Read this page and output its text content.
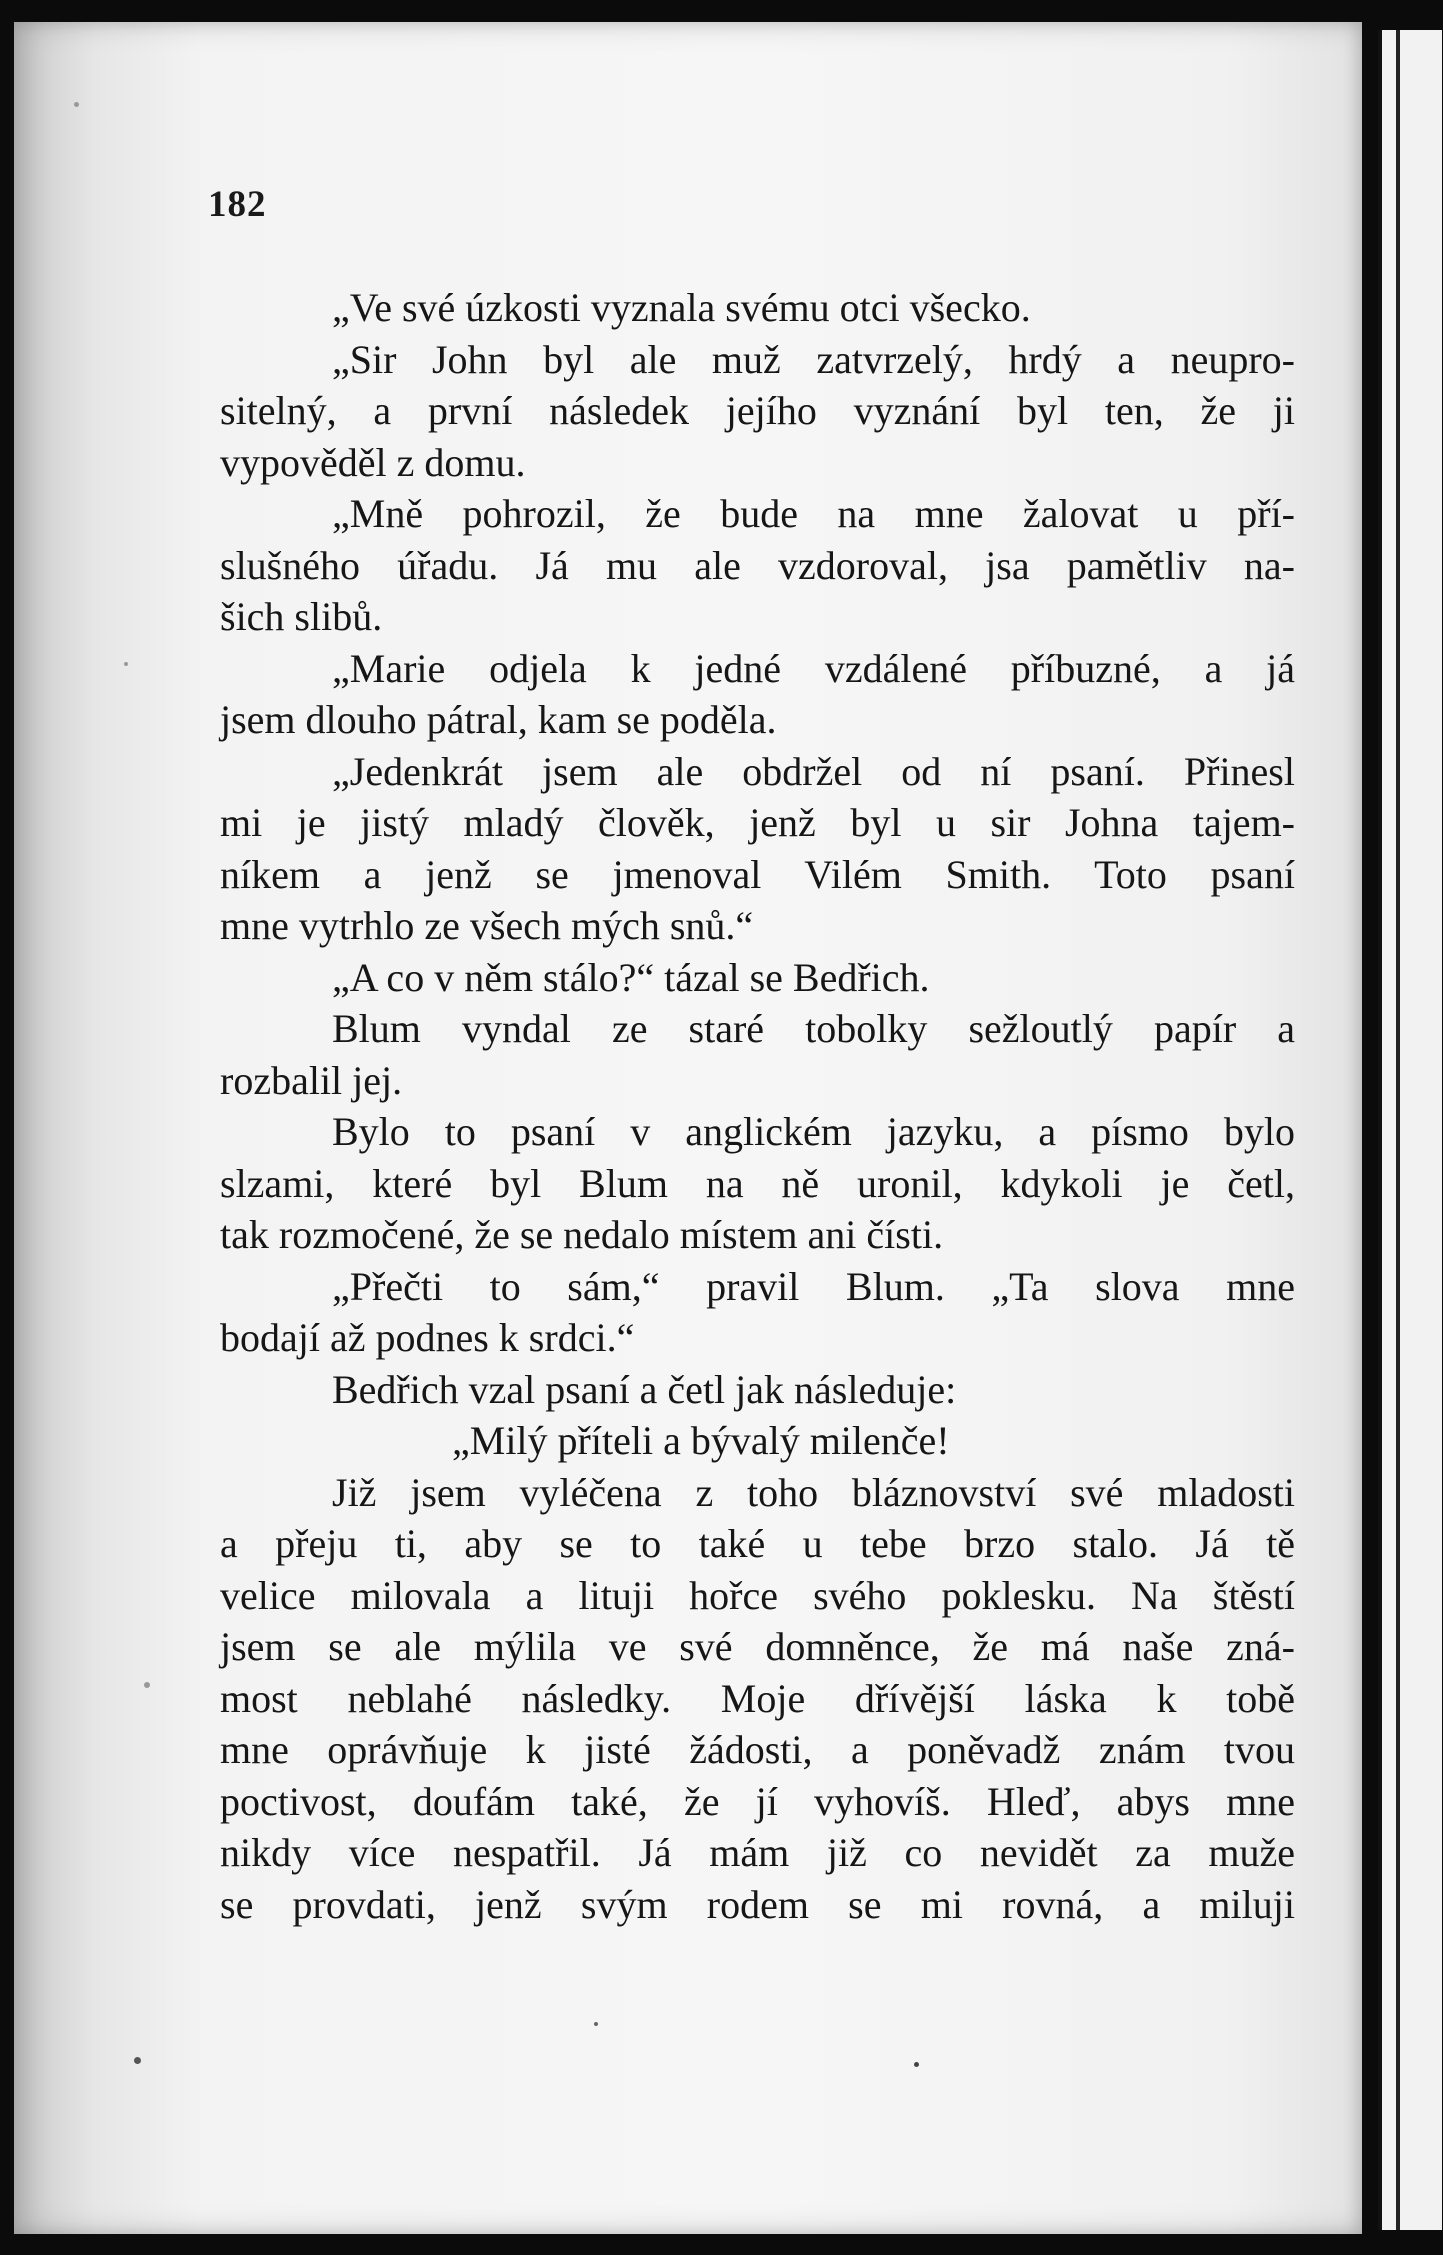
182
„Ve své úzkosti vyznala svému otci všecko.
„Sir John byl ale muž zatvrzelý, hrdý a neupro-
sitelný, a první následek jejího vyznání byl ten, že ji
vypověděl z domu.
„Mně pohrozil, že bude na mne žalovat u pří-
slušného úřadu. Já mu ale vzdoroval, jsa pamětliv na-
šich slibů.
„Marie odjela k jedné vzdálené příbuzné, a já
jsem dlouho pátral, kam se poděla.
„Jedenkrát jsem ale obdržel od ní psaní. Přinesl
mi je jistý mladý člověk, jenž byl u sir Johna tajem-
níkem a jenž se jmenoval Vilém Smith. Toto psaní
mne vytrhlo ze všech mých snů.“
„A co v něm stálo?“ tázal se Bedřich.
Blum vyndal ze staré tobolky sežloutlý papír a
rozbalil jej.
Bylo to psaní v anglickém jazyku, a písmo bylo
slzami, které byl Blum na ně uronil, kdykoli je četl,
tak rozmočené, že se nedalo místem ani čísti.
„Přečti to sám,“ pravil Blum. „Ta slova mne
bodají až podnes k srdci.“
Bedřich vzal psaní a četl jak následuje:
„Milý příteli a bývalý milenče!
Již jsem vyléčena z toho bláznovství své mladosti
a přeju ti, aby se to také u tebe brzo stalo. Já tě
velice milovala a lituji hořce svého poklesku. Na štěstí
jsem se ale mýlila ve své domněnce, že má naše zná-
most neblahé následky. Moje dřívější láska k tobě
mne oprávňuje k jisté žádosti, a poněvadž znám tvou
poctivost, doufám také, že jí vyhovíš. Hleď, abys mne
nikdy více nespatřil. Já mám již co nevidět za muže
se provdati, jenž svým rodem se mi rovná, a miluji
